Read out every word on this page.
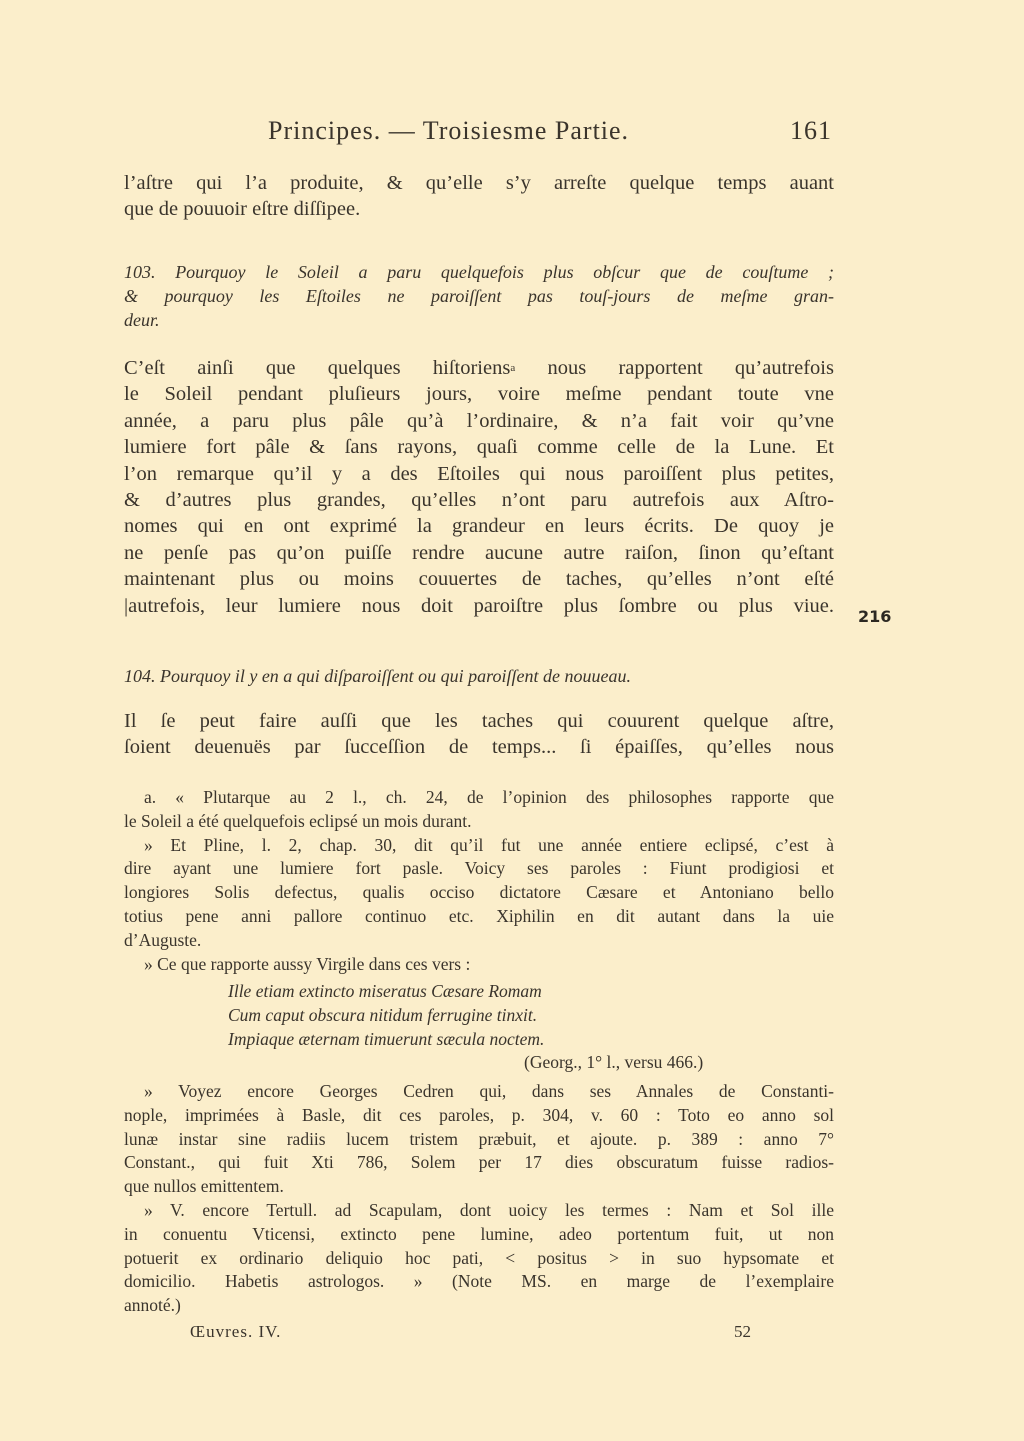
Principes. — Troisiesme Partie.	161
l’aſtre qui l’a produite, & qu’elle s’y arreſte quelque temps auant
que de pouuoir eſtre diſſipee.
103. Pourquoy le Soleil a paru quelquefois plus obſcur que de couſtume ;
& pourquoy les Eſtoiles ne paroiſſent pas touſ-jours de meſme gran-
deur.
C’eſt ainſi que quelques hiſtoriens$^a$ nous rapportent qu’autrefois
le Soleil pendant pluſieurs jours, voire meſme pendant toute vne
année, a paru plus pâle qu’à l’ordinaire, & n’a fait voir qu’vne
lumiere fort pâle & ſans rayons, quaſi comme celle de la Lune. Et
l’on remarque qu’il y a des Eſtoiles qui nous paroiſſent plus petites,
& d’autres plus grandes, qu’elles n’ont paru autrefois aux Aſtro-
nomes qui en ont exprimé la grandeur en leurs écrits. De quoy je
ne penſe pas qu’on puiſſe rendre aucune autre raiſon, ſinon qu’eſtant
maintenant plus ou moins couuertes de taches, qu’elles n’ont eſté
|autrefois, leur lumiere nous doit paroiſtre plus ſombre ou plus viue. 216
104. Pourquoy il y en a qui diſparoiſſent ou qui paroiſſent de nouueau.
Il ſe peut faire auſſi que les taches qui couurent quelque aſtre,
ſoient deuenuës par ſucceſſion de temps... ſi épaiſſes, qu’elles nous
a. « Plutarque au 2 l., ch. 24, de l’opinion des philosophes rapporte que
le Soleil a été quelquefois eclipsé un mois durant.
» Et Pline, l. 2, chap. 30, dit qu’il fut une année entiere eclipsé, c’est à
dire ayant une lumiere fort pasle. Voicy ses paroles : Fiunt prodigiosi et
longiores Solis defectus, qualis occiso dictatore Cæsare et Antoniano bello
totius pene anni pallore continuo etc. Xiphilin en dit autant dans la uie
d’Auguste.
» Ce que rapporte aussy Virgile dans ces vers :
Ille etiam extincto miseratus Cæsare Romam
Cum caput obscura nitidum ferrugine tinxit.
Impiaque æternam timuerunt sæcula noctem.
(Georg., 1° l., versu 466.)
» Voyez encore Georges Cedren qui, dans ses Annales de Constanti-
nople, imprimées à Basle, dit ces paroles, p. 304, v. 60 : Toto eo anno sol
lunæ instar sine radiis lucem tristem præbuit, et ajoute. p. 389 : anno 7°
Constant., qui fuit Xti 786, Solem per 17 dies obscuratum fuisse radios-
que nullos emittentem.
» V. encore Tertull. ad Scapulam, dont uoicy les termes : Nam et Sol ille
in conuentu Vticensi, extincto pene lumine, adeo portentum fuit, ut non
potuerit ex ordinario deliquio hoc pati, < positus > in suo hypsomate et
domicilio. Habetis astrologos. » (Note MS. en marge de l’exemplaire
annoté.)
Œuvres. IV.	52
